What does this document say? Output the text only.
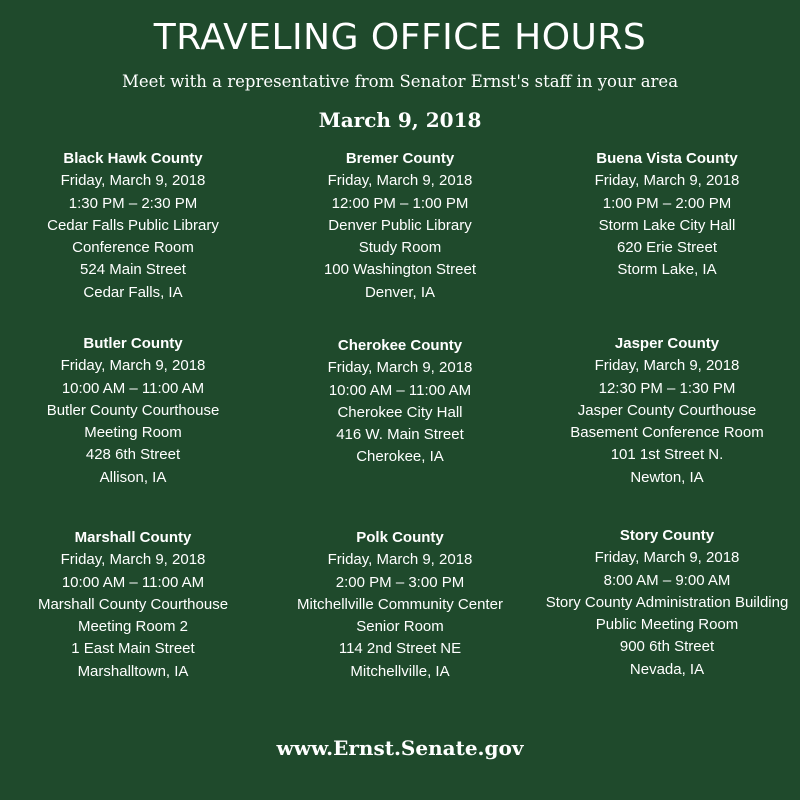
TRAVELING OFFICE HOURS
Meet with a representative from Senator Ernst's staff in your area
March 9, 2018
Black Hawk County
Friday, March 9, 2018
1:30 PM – 2:30 PM
Cedar Falls Public Library
Conference Room
524 Main Street
Cedar Falls, IA
Bremer County
Friday, March 9, 2018
12:00 PM – 1:00 PM
Denver Public Library
Study Room
100 Washington Street
Denver, IA
Buena Vista County
Friday, March 9, 2018
1:00 PM – 2:00 PM
Storm Lake City Hall
620 Erie Street
Storm Lake, IA
Butler County
Friday, March 9, 2018
10:00 AM – 11:00 AM
Butler County Courthouse
Meeting Room
428 6th Street
Allison, IA
Cherokee County
Friday, March 9, 2018
10:00 AM – 11:00 AM
Cherokee City Hall
416 W. Main Street
Cherokee, IA
Jasper County
Friday, March 9, 2018
12:30 PM – 1:30 PM
Jasper County Courthouse
Basement Conference Room
101 1st Street N.
Newton, IA
Marshall County
Friday, March 9, 2018
10:00 AM – 11:00 AM
Marshall County Courthouse
Meeting Room 2
1 East Main Street
Marshalltown, IA
Polk County
Friday, March 9, 2018
2:00 PM – 3:00 PM
Mitchellville Community Center
Senior Room
114 2nd Street NE
Mitchellville, IA
Story County
Friday, March 9, 2018
8:00 AM – 9:00 AM
Story County Administration Building
Public Meeting Room
900 6th Street
Nevada, IA
www.Ernst.Senate.gov
